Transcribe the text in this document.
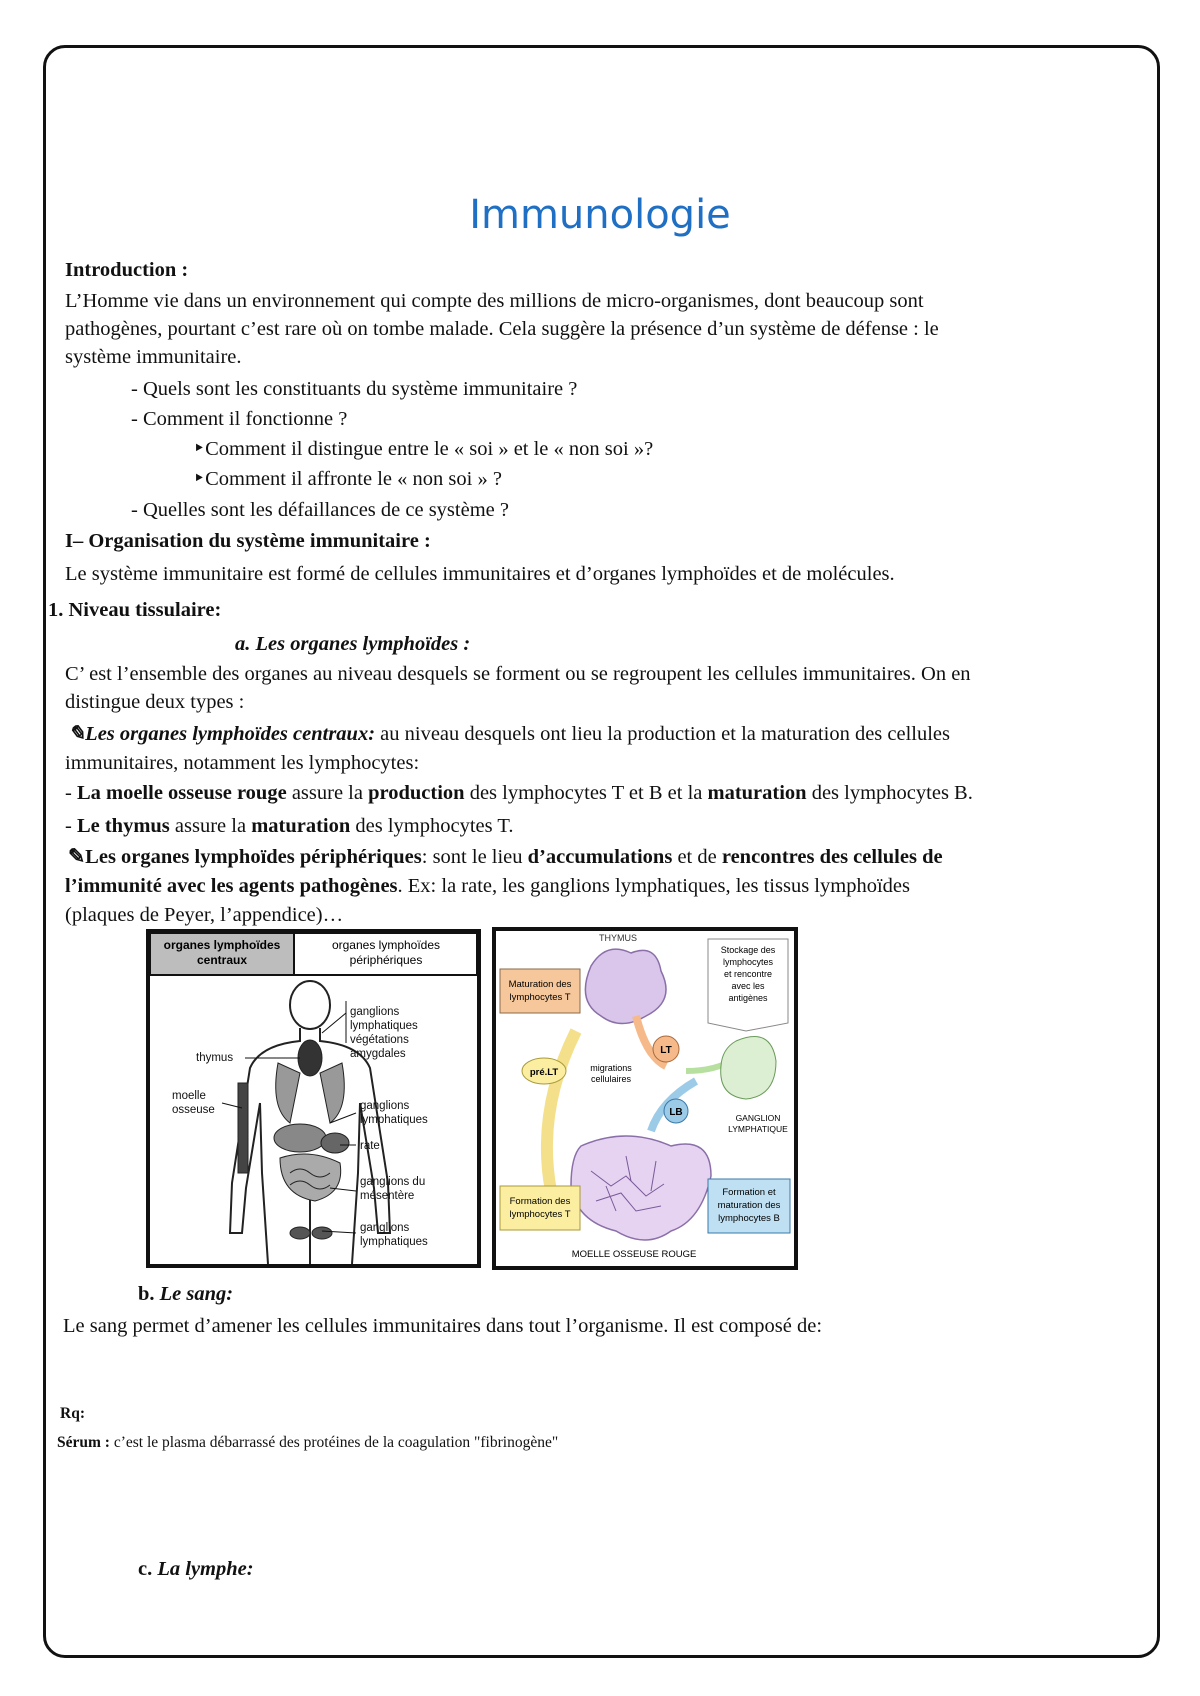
Immunologie
Introduction :
L’Homme vie dans un environnement qui compte des millions de micro-organismes, dont beaucoup sont
pathogènes, pourtant c’est rare où on tombe malade. Cela suggère la présence d’un système de défense : le
système immunitaire.
- Quels sont les constituants du système immunitaire ?
- Comment il fonctionne ?
‣Comment il distingue entre le « soi » et le « non soi »?
‣Comment il affronte le « non soi » ?
- Quelles sont les défaillances de ce système ?
I– Organisation du système immunitaire :
Le système immunitaire est formé de cellules immunitaires et d’organes lymphoïdes et de molécules.
1. Niveau tissulaire:
a. Les organes lymphoïdes :
C’ est l’ensemble des organes au niveau desquels se forment ou se regroupent les cellules immunitaires. On en
distingue deux types :
✎Les organes lymphoïdes centraux: au niveau desquels ont lieu la production et la maturation des cellules
immunitaires, notamment les lymphocytes:
- La moelle osseuse rouge assure la production des lymphocytes T et B et la maturation des lymphocytes B.
- Le thymus assure la maturation des lymphocytes T.
✎Les organes lymphoïdes périphériques: sont le lieu d’accumulations et de rencontres des cellules de
l’immunité avec les agents pathogènes. Ex: la rate, les ganglions lymphatiques, les tissus lymphoïdes
(plaques de Peyer, l’appendice)…
organes lymphoïdes
centraux
organes lymphoïdes
périphériques
ganglions
lymphatiques
végétations
amygdales
thymus
moelle
osseuse	ganglions
lymphatiques
rate
ganglions du
mésentère
ganglions
lymphatiques
THYMUS
Maturation des
lymphocytes T
Stockage des
lymphocytes
et rencontre
avec les
antigènes
LT
pré.LT	migrations
cellulaires
LB	GANGLION
LYMPHATIQUE
Formation des
lymphocytes T
Formation et
maturation des
lymphocytes B
MOELLE OSSEUSE ROUGE
b. Le sang:
Le sang permet d’amener les cellules immunitaires dans tout l’organisme. Il est composé de:
Rq:
Sérum : c’est le plasma débarrassé des protéines de la coagulation "fibrinogène"
c. La lymphe:
